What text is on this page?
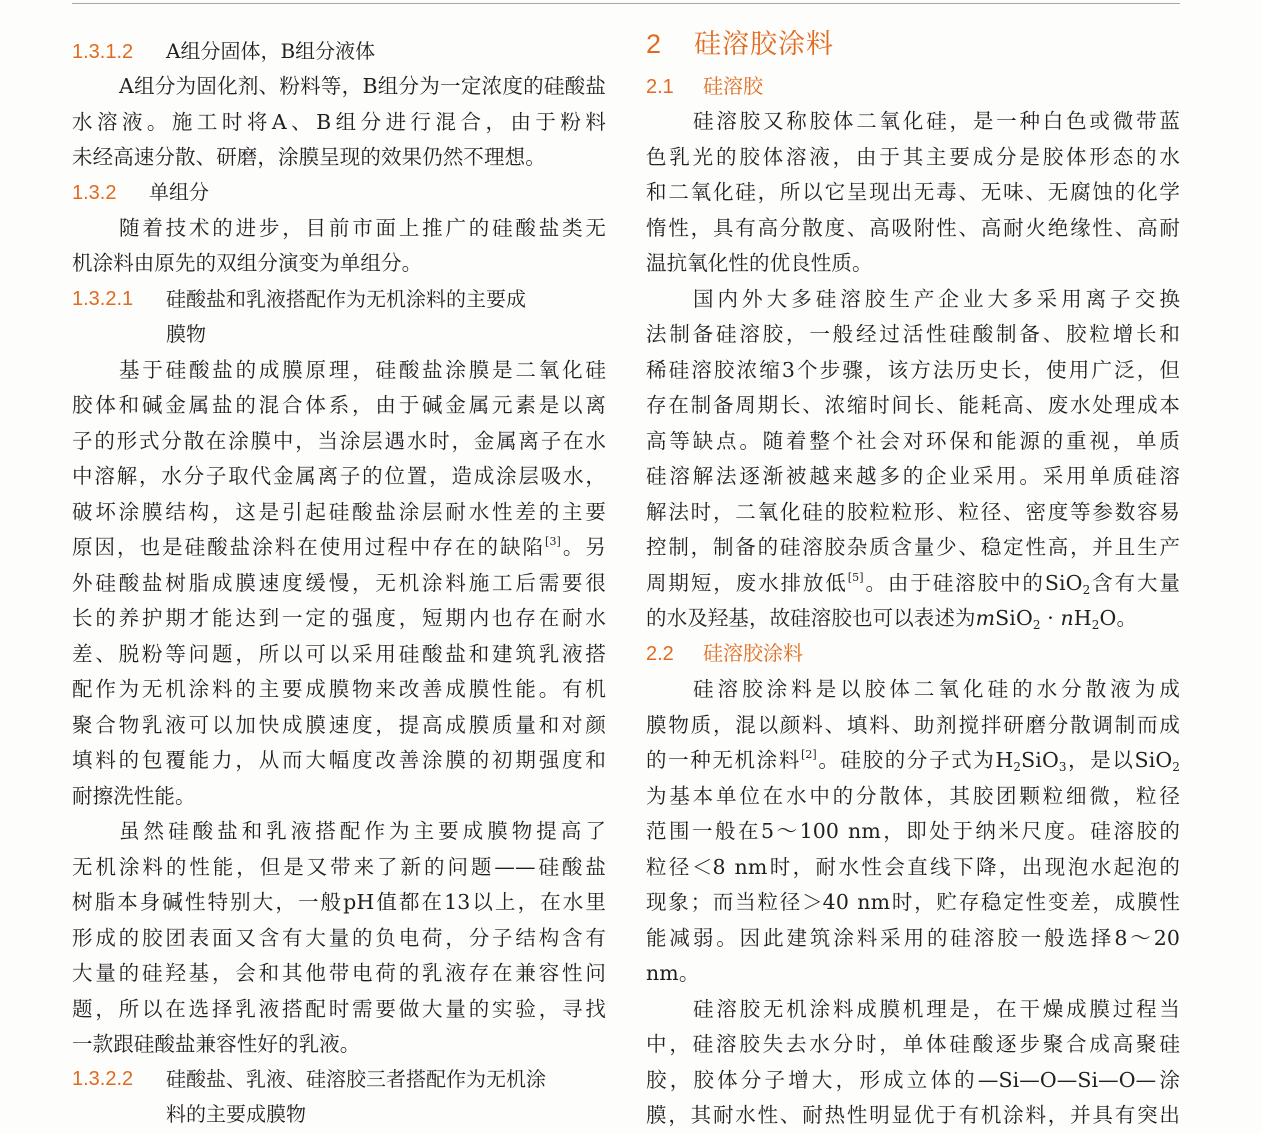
1.3.1.2 A组分固体，B组分液体
A组分为固化剂、粉料等，B组分为一定浓度的硅酸盐水溶液。施工时将A、B组分进行混合，由于粉料
未经高速分散、研磨，涂膜呈现的效果仍然不理想。
1.3.2 单组分
随着技术的进步，目前市面上推广的硅酸盐类无
机涂料由原先的双组分演变为单组分。
1.3.2.1	硅酸盐和乳液搭配作为无机涂料的主要成
膜物
基于硅酸盐的成膜原理，硅酸盐涂膜是二氧化硅
胶体和碱金属盐的混合体系，由于碱金属元素是以离
子的形式分散在涂膜中，当涂层遇水时，金属离子在水
中溶解，水分子取代金属离子的位置，造成涂层吸水，
破坏涂膜结构，这是引起硅酸盐涂层耐水性差的主要
原因，也是硅酸盐涂料在使用过程中存在的缺陷[3]。另
外硅酸盐树脂成膜速度缓慢，无机涂料施工后需要很
长的养护期才能达到一定的强度，短期内也存在耐水
差、脱粉等问题，所以可以采用硅酸盐和建筑乳液搭
配作为无机涂料的主要成膜物来改善成膜性能。有机
聚合物乳液可以加快成膜速度，提高成膜质量和对颜
填料的包覆能力，从而大幅度改善涂膜的初期强度和
耐擦洗性能。
虽然硅酸盐和乳液搭配作为主要成膜物提高了
无机涂料的性能，但是又带来了新的问题——硅酸盐
树脂本身碱性特别大，一般pH值都在13以上，在水里
形成的胶团表面又含有大量的负电荷，分子结构含有
大量的硅羟基，会和其他带电荷的乳液存在兼容性问
题，所以在选择乳液搭配时需要做大量的实验，寻找
一款跟硅酸盐兼容性好的乳液。
1.3.2.2	硅酸盐、乳液、硅溶胶三者搭配作为无机涂
料的主要成膜物
2 硅溶胶涂料
2.1 硅溶胶
硅溶胶又称胶体二氧化硅，是一种白色或微带蓝
色乳光的胶体溶液，由于其主要成分是胶体形态的水
和二氧化硅，所以它呈现出无毒、无味、无腐蚀的化学
惰性，具有高分散度、高吸附性、高耐火绝缘性、高耐
温抗氧化性的优良性质。
国内外大多硅溶胶生产企业大多采用离子交换
法制备硅溶胶，一般经过活性硅酸制备、胶粒增长和
稀硅溶胶浓缩3个步骤，该方法历史长，使用广泛，但
存在制备周期长、浓缩时间长、能耗高、废水处理成本
高等缺点。随着整个社会对环保和能源的重视，单质
硅溶解法逐渐被越来越多的企业采用。采用单质硅溶
解法时，二氧化硅的胶粒粒形、粒径、密度等参数容易
控制，制备的硅溶胶杂质含量少、稳定性高，并且生产
周期短，废水排放低[5]。由于硅溶胶中的SiO$_2$含有大量
的水及羟基，故硅溶胶也可以表述为mSiO$_2$ · $nH_2O$。
2.2 硅溶胶涂料
硅溶胶涂料是以胶体二氧化硅的水分散液为成
膜物质，混以颜料、填料、助剂搅拌研磨分散调制而成
的一种无机涂料[2]。硅胶的分子式为$H_2SiO_3$，是以SiO$_2$
为基本单位在水中的分散体，其胶团颗粒细微，粒径
范围一般在5～100 nm，即处于纳米尺度。硅溶胶的
粒径＜8 nm时，耐水性会直线下降，出现泡水起泡的
现象；而当粒径＞40 nm时，贮存稳定性变差，成膜性
能减弱。因此建筑涂料采用的硅溶胶一般选择8～20
nm。
硅溶胶无机涂料成膜机理是，在干燥成膜过程当
中，硅溶胶失去水分时，单体硅酸逐步聚合成高聚硅
胶，胶体分子增大，形成立体的—Si—O—Si—O—涂
膜，其耐水性、耐热性明显优于有机涂料，并具有突出
